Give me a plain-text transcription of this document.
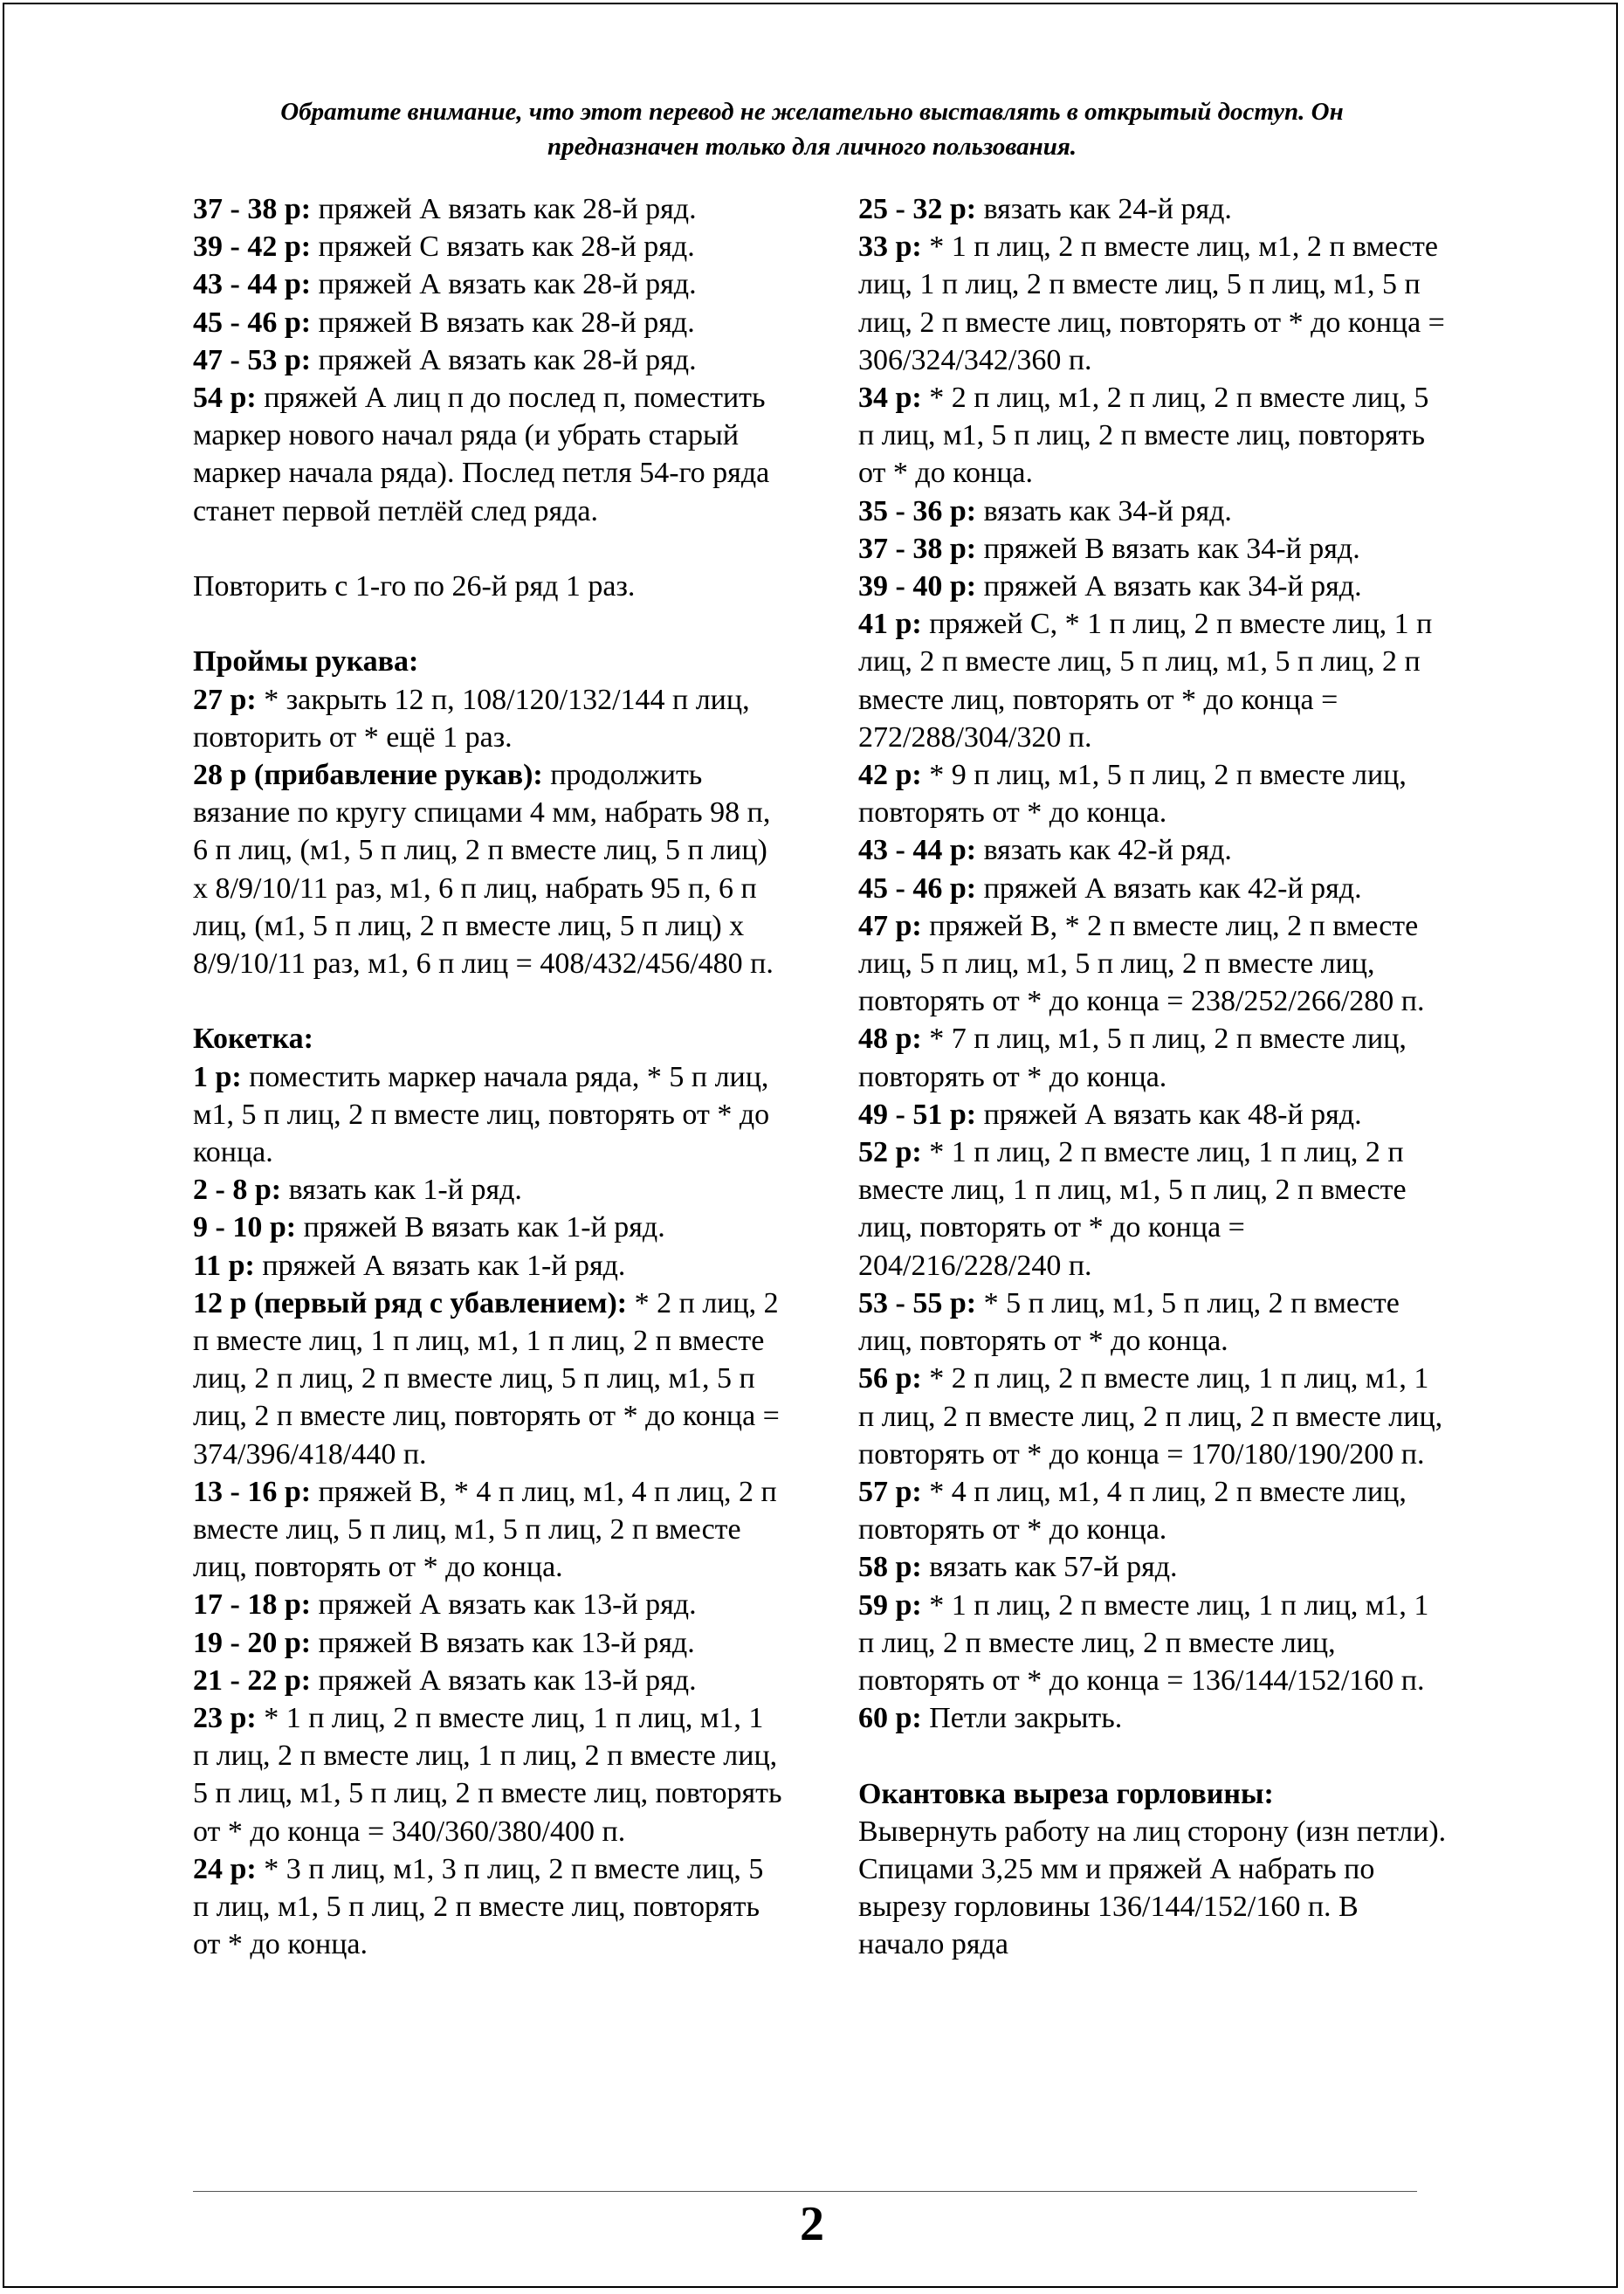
Обратите внимание, что этот перевод не желательно выставлять в открытый доступ. Он
предназначен только для личного пользования.

37 - 38 р: пряжей А вязать как 28-й ряд.

39 - 42 р: пряжей С вязать как 28-й ряд.

43 - 44 р: пряжей А вязать как 28-й ряд.

45 - 46 р: пряжей В вязать как 28-й ряд.

47 - 53 р: пряжей А вязать как 28-й ряд.

54 р: пряжей А лиц п до послед п, поместить маркер нового начал ряда (и убрать старый маркер начала ряда). Послед петля 54-го ряда станет первой петлёй след ряда.

Повторить с 1-го по 26-й ряд 1 раз.

Проймы рукава:

27 р: * закрыть 12 п, 108/120/132/144 п лиц, повторить от * ещё 1 раз.

28 р (прибавление рукав): продолжить вязание по кругу спицами 4 мм, набрать 98 п, 6 п лиц, (м1, 5 п лиц, 2 п вместе лиц, 5 п лиц) x 8/9/10/11 раз, м1, 6 п лиц, набрать 95 п, 6 п лиц, (м1, 5 п лиц, 2 п вместе лиц, 5 п лиц) x 8/9/10/11 раз, м1, 6 п лиц = 408/432/456/480 п.

Кокетка:

1 р: поместить маркер начала ряда, * 5 п лиц, м1, 5 п лиц, 2 п вместе лиц, повторять от * до конца.

2 - 8 р: вязать как 1-й ряд.

9 - 10 р: пряжей В вязать как 1-й ряд.

11 р: пряжей А вязать как 1-й ряд.

12 р (первый ряд с убавлением): * 2 п лиц, 2 п вместе лиц, 1 п лиц, м1, 1 п лиц, 2 п вместе лиц, 2 п лиц, 2 п вместе лиц, 5 п лиц, м1, 5 п лиц, 2 п вместе лиц, повторять от * до конца = 374/396/418/440 п.

13 - 16 р: пряжей В, * 4 п лиц, м1, 4 п лиц, 2 п вместе лиц, 5 п лиц, м1, 5 п лиц, 2 п вместе лиц, повторять от * до конца.

17 - 18 р: пряжей А вязать как 13-й ряд.

19 - 20 р: пряжей В вязать как 13-й ряд.

21 - 22 р: пряжей А вязать как 13-й ряд.

23 р: * 1 п лиц, 2 п вместе лиц, 1 п лиц, м1, 1 п лиц, 2 п вместе лиц, 1 п лиц, 2 п вместе лиц, 5 п лиц, м1, 5 п лиц, 2 п вместе лиц, повторять от * до конца = 340/360/380/400 п.

24 р: * 3 п лиц, м1, 3 п лиц, 2 п вместе лиц, 5 п лиц, м1, 5 п лиц, 2 п вместе лиц, повторять от * до конца.

25 - 32 р: вязать как 24-й ряд.

33 р: * 1 п лиц, 2 п вместе лиц, м1, 2 п вместе лиц, 1 п лиц, 2 п вместе лиц, 5 п лиц, м1, 5 п лиц, 2 п вместе лиц, повторять от * до конца = 306/324/342/360 п.

34 р: * 2 п лиц, м1, 2 п лиц, 2 п вместе лиц, 5 п лиц, м1, 5 п лиц, 2 п вместе лиц, повторять от * до конца.

35 - 36 р: вязать как 34-й ряд.

37 - 38 р: пряжей В вязать как 34-й ряд.

39 - 40 р: пряжей А вязать как 34-й ряд.

41 р: пряжей С, * 1 п лиц, 2 п вместе лиц, 1 п лиц, 2 п вместе лиц, 5 п лиц, м1, 5 п лиц, 2 п вместе лиц, повторять от * до конца = 272/288/304/320 п.

42 р: * 9 п лиц, м1, 5 п лиц, 2 п вместе лиц, повторять от * до конца.

43 - 44 р: вязать как 42-й ряд.

45 - 46 р: пряжей А вязать как 42-й ряд.

47 р: пряжей В, * 2 п вместе лиц, 2 п вместе лиц, 5 п лиц, м1, 5 п лиц, 2 п вместе лиц, повторять от * до конца = 238/252/266/280 п.

48 р: * 7 п лиц, м1, 5 п лиц, 2 п вместе лиц, повторять от * до конца.

49 - 51 р: пряжей А вязать как 48-й ряд.

52 р: * 1 п лиц, 2 п вместе лиц, 1 п лиц, 2 п вместе лиц, 1 п лиц, м1, 5 п лиц, 2 п вместе лиц, повторять от * до конца = 204/216/228/240 п.

53 - 55 р: * 5 п лиц, м1, 5 п лиц, 2 п вместе лиц, повторять от * до конца.

56 р: * 2 п лиц, 2 п вместе лиц, 1 п лиц, м1, 1 п лиц, 2 п вместе лиц, 2 п лиц, 2 п вместе лиц, повторять от * до конца = 170/180/190/200 п.

57 р: * 4 п лиц, м1, 4 п лиц, 2 п вместе лиц, повторять от * до конца.

58 р: вязать как 57-й ряд.

59 р: * 1 п лиц, 2 п вместе лиц, 1 п лиц, м1, 1 п лиц, 2 п вместе лиц, 2 п вместе лиц, повторять от * до конца = 136/144/152/160 п.

60 р: Петли закрыть.

Окантовка выреза горловины:

Вывернуть работу на лиц сторону (изн петли). Спицами 3,25 мм и пряжей А набрать по вырезу горловины 136/144/152/160 п. В начало ряда

2
